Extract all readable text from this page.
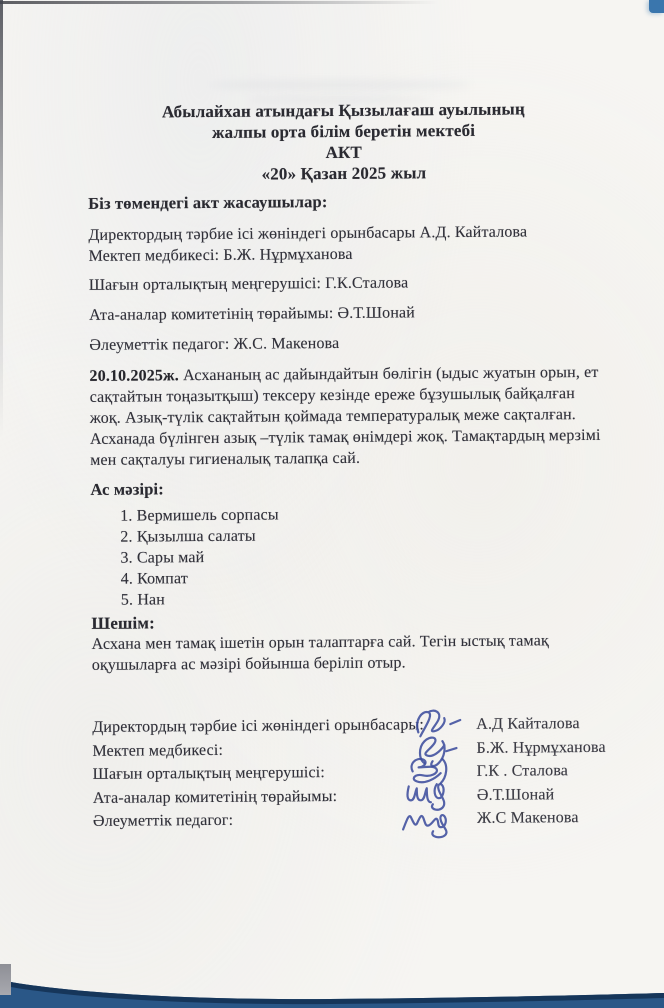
Абылайхан атындағы Қызылағаш ауылының
жалпы орта білім беретін мектебі
АКТ
«20» Қазан 2025 жыл
Біз төмендегі акт жасаушылар:

Директордың тәрбие ісі жөніндегі орынбасары А.Д. Кайталова

Мектеп медбикесі: Б.Ж. Нұрмұханова

Шағын орталықтың меңгерушісі: Г.К.Сталова

Ата-аналар комитетінің төрайымы: Ә.Т.Шонай

Әлеуметтік педагог: Ж.С. Макенова

20.10.2025ж. Асхананың ас дайындайтын бөлігін (ыдыс жуатын орын, ет сақтайтын тоңазытқыш) тексеру кезінде ереже бұзушылық байқалған жоқ. Азық-түлік сақтайтын қоймада температуралық меже сақталған. Асханада бүлінген азық –түлік тамақ өнімдері жоқ. Тамақтардың мерзімі мен сақталуы гигиеналық талапқа сай.

Ас мәзірі:
1. Вермишель сорпасы
2. Қызылша салаты
3. Сары май
4. Компат
5. Нан
Шешім:

Асхана мен тамақ ішетін орын талаптарға сай. Тегін ыстық тамақ оқушыларға ас мәзірі бойынша беріліп отыр.

Директордың тәрбие ісі жөніндегі орынбасары:	А.Д Кайталова
Мектеп медбикесі:	Б.Ж. Нұрмұханова
Шағын орталықтың меңгерушісі:	Г.К . Сталова
Ата-аналар комитетінің төрайымы:	Ә.Т.Шонай
Әлеуметтік педагог:	Ж.С Макенова
